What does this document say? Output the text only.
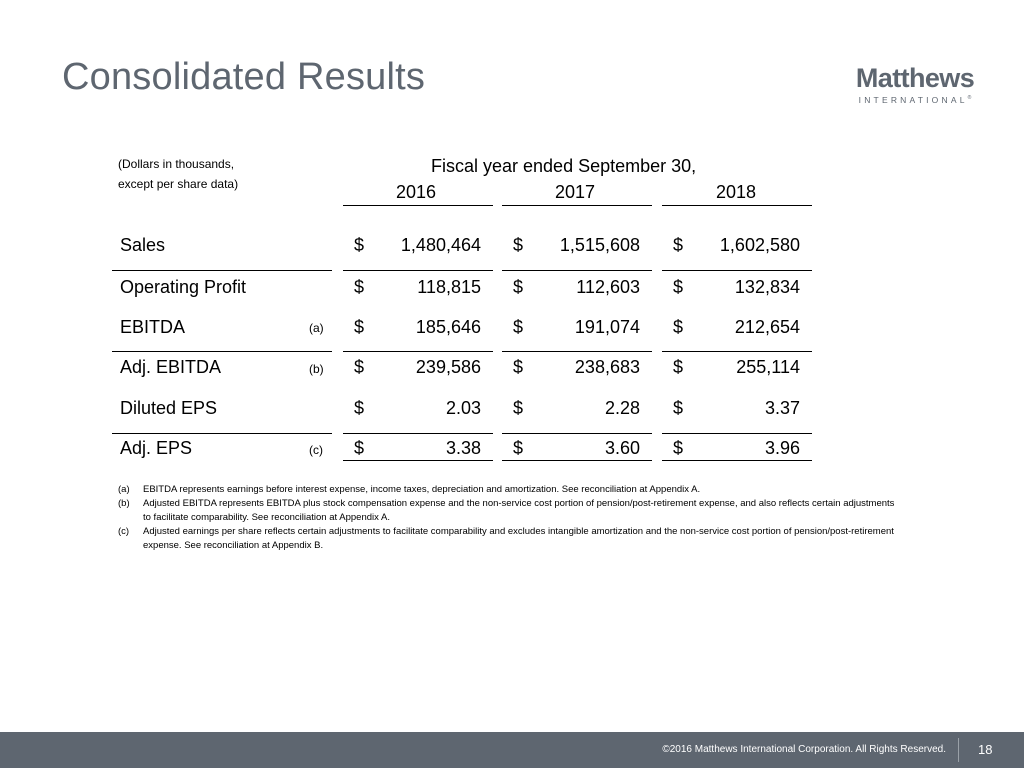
Consolidated Results	Matthews
INTERNATIONAL®
(Dollars in thousands,
except per share data)
Fiscal year ended September 30,
2016	2017	2018
Sales	$	1,480,464 $	1,515,608 $	1,602,580
Operating Profit	$	118,815 $	112,603 $	132,834
EBITDA	(a) $	185,646 $	191,074 $	212,654
Adj. EBITDA	(b) $	239,586 $	238,683 $	255,114
Diluted EPS	$	2.03 $	2.28 $	3.37
Adj. EPS	(c) $	3.38 $	3.60 $	3.96
(a) EBITDA represents earnings before interest expense, income taxes, depreciation and amortization. See reconciliation at Appendix A.
(b) Adjusted EBITDA represents EBITDA plus stock compensation expense and the non-service cost portion of pension/post-retirement expense, and also reflects certain adjustments to facilitate comparability. See reconciliation at Appendix A.
(c) Adjusted earnings per share reflects certain adjustments to facilitate comparability and excludes intangible amortization and the non-service cost portion of pension/post-retirement expense. See reconciliation at Appendix B.
©2016 Matthews International Corporation. All Rights Reserved. 18
